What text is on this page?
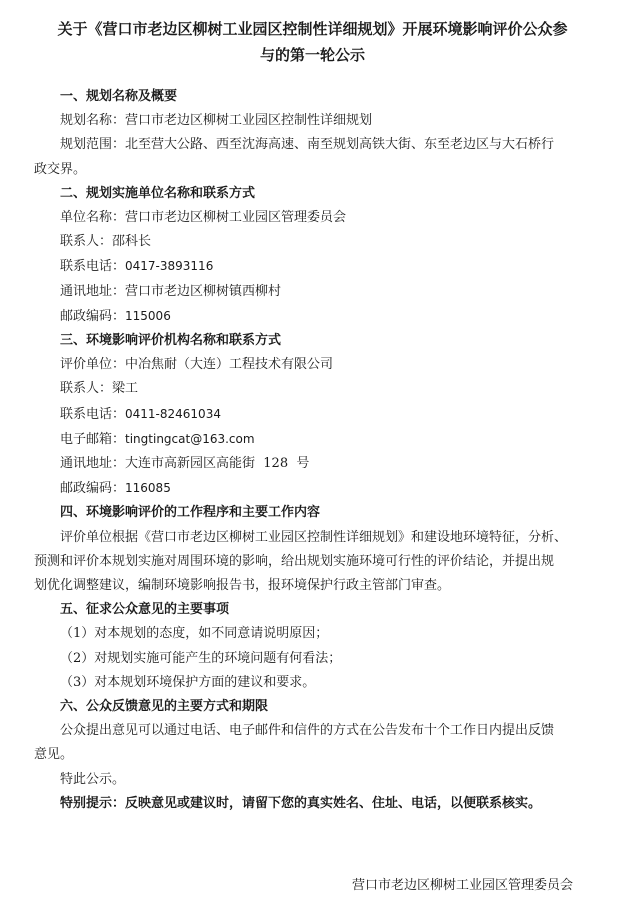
关于《营口市老边区柳树工业园区控制性详细规划》开展环境影响评价公众参
与的第一轮公示
一、规划名称及概要
规划名称：营口市老边区柳树工业园区控制性详细规划
规划范围：北至营大公路、西至沈海高速、南至规划高铁大街、东至老边区与大石桥行
政交界。
二、规划实施单位名称和联系方式
单位名称：营口市老边区柳树工业园区管理委员会
联系人：邵科长
联系电话：0417-3893116
通讯地址：营口市老边区柳树镇西柳村
邮政编码：115006
三、环境影响评价机构名称和联系方式
评价单位：中冶焦耐（大连）工程技术有限公司
联系人：梁工
联系电话：0411-82461034
电子邮箱：tingtingcat@163.com
通讯地址：大连市高新园区高能街  128  号
邮政编码：116085
四、环境影响评价的工作程序和主要工作内容
评价单位根据《营口市老边区柳树工业园区控制性详细规划》和建设地环境特征，分析、
预测和评价本规划实施对周围环境的影响，给出规划实施环境可行性的评价结论，并提出规
划优化调整建议，编制环境影响报告书，报环境保护行政主管部门审查。
五、征求公众意见的主要事项
（1）对本规划的态度，如不同意请说明原因；
（2）对规划实施可能产生的环境问题有何看法；
（3）对本规划环境保护方面的建议和要求。
六、公众反馈意见的主要方式和期限
公众提出意见可以通过电话、电子邮件和信件的方式在公告发布十个工作日内提出反馈
意见。
特此公示。
特别提示：反映意见或建议时，请留下您的真实姓名、住址、电话，以便联系核实。
营口市老边区柳树工业园区管理委员会
